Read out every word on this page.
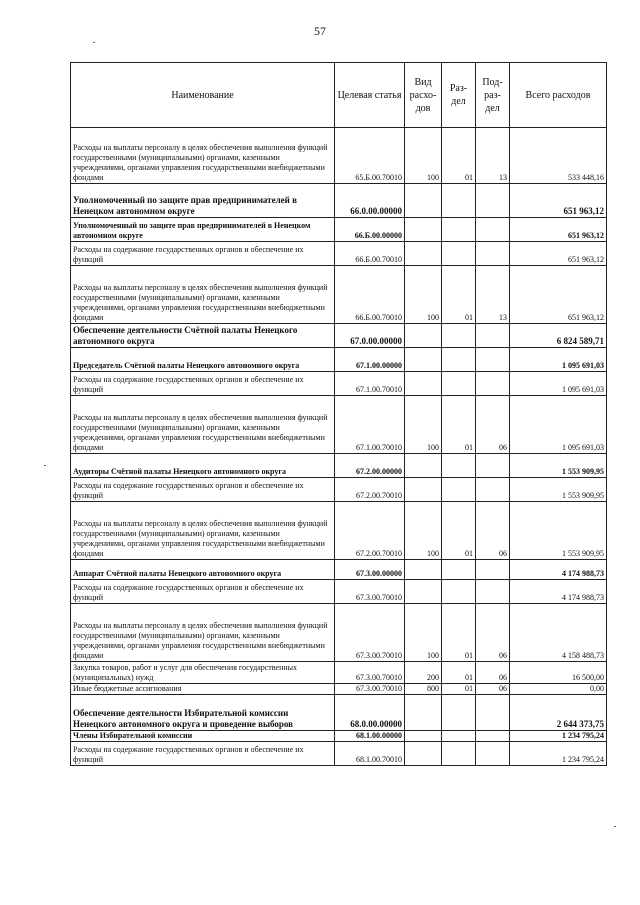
57
Наименование	Целевая статья	Вид расхо-дов	Раз-дел	Под-раз-дел	Всего расходов
Расходы на выплаты персоналу в целях обеспечения выполнения функций государственными (муниципальными) органами, казенными учреждениями, органами управления государственными внебюджетными фондами	65.Б.00.70010	100	01	13	533 448,16
Уполномоченный по защите прав предпринимателей в Ненецком автономном округе	66.0.00.00000				651 963,12
Уполномоченный по защите прав предпринимателей в Ненецком автономном округе	66.Б.00.00000				651 963,12
Расходы на содержание государственных органов и обеспечение их функций	66.Б.00.70010				651 963,12
Расходы на выплаты персоналу в целях обеспечения выполнения функций государственными (муниципальными) органами, казенными учреждениями, органами управления государственными внебюджетными фондами	66.Б.00.70010	100	01	13	651 963,12
Обеспечение деятельности Счётной палаты Ненецкого автономного округа	67.0.00.00000				6 824 589,71
Председатель Счётной палаты Ненецкого автономного округа	67.1.00.00000				1 095 691,03
Расходы на содержание государственных органов и обеспечение их функций	67.1.00.70010				1 095 691,03
Расходы на выплаты персоналу в целях обеспечения выполнения функций государственными (муниципальными) органами, казенными учреждениями, органами управления государственными внебюджетными фондами	67.1.00.70010	100	01	06	1 095 691,03
Аудиторы Счётной палаты Ненецкого автономного округа	67.2.00.00000				1 553 909,95
Расходы на содержание государственных органов и обеспечение их функций	67.2.00.70010				1 553 909,95
Расходы на выплаты персоналу в целях обеспечения выполнения функций государственными (муниципальными) органами, казенными учреждениями, органами управления государственными внебюджетными фондами	67.2.00.70010	100	01	06	1 553 909,95
Аппарат Счётной палаты Ненецкого автономного округа	67.3.00.00000				4 174 988,73
Расходы на содержание государственных органов и обеспечение их функций	67.3.00.70010				4 174 988,73
Расходы на выплаты персоналу в целях обеспечения выполнения функций государственными (муниципальными) органами, казенными учреждениями, органами управления государственными внебюджетными фондами	67.3.00.70010	100	01	06	4 158 488,73
Закупка товаров, работ и услуг для обеспечения государственных (муниципальных) нужд	67.3.00.70010	200	01	06	16 500,00
Иные бюджетные ассигнования	67.3.00.70010	800	01	06	0,00
Обеспечение деятельности Избирательной комиссии Ненецкого автономного округа и проведение выборов	68.0.00.00000				2 644 373,75
Члены Избирательной комиссии	68.1.00.00000				1 234 795,24
Расходы на содержание государственных органов и обеспечение их функций	68.1.00.70010				1 234 795,24
